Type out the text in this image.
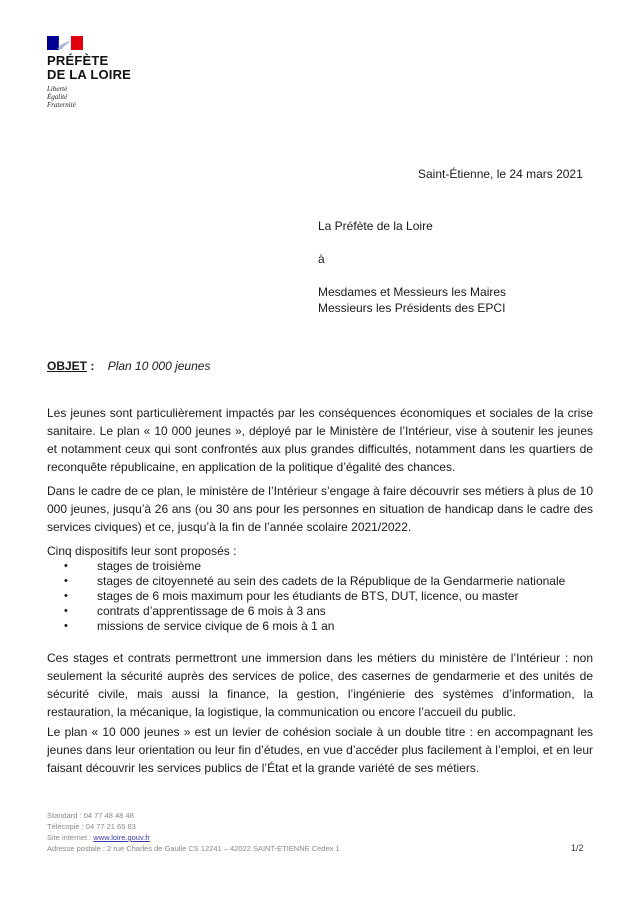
PRÉFÈTE
DE LA LOIRE
Liberté
Égalité
Fraternité
Saint-Étienne, le 24 mars 2021
La Préfète de la Loire
à
Mesdames et Messieurs les Maires
Messieurs les Présidents des EPCI
OBJET : Plan 10 000 jeunes
Les jeunes sont particulièrement impactés par les conséquences économiques et sociales de la crise sanitaire. Le plan « 10 000 jeunes », déployé par le Ministère de l’Intérieur, vise à soutenir les jeunes et notamment ceux qui sont confrontés aux plus grandes difficultés, notamment dans les quartiers de reconquête républicaine, en application de la politique d’égalité des chances.
Dans le cadre de ce plan, le ministère de l’Intérieur s’engage à faire découvrir ses métiers à plus de 10 000 jeunes, jusqu’à 26 ans (ou 30 ans pour les personnes en situation de handicap dans le cadre des services civiques) et ce, jusqu’à la fin de l’année scolaire 2021/2022.
Cinq dispositifs leur sont proposés :
• stages de troisième
• stages de citoyenneté au sein des cadets de la République de la Gendarmerie nationale
• stages de 6 mois maximum pour les étudiants de BTS, DUT, licence, ou master
• contrats d’apprentissage de 6 mois à 3 ans
• missions de service civique de 6 mois à 1 an
Ces stages et contrats permettront une immersion dans les métiers du ministère de l’Intérieur : non seulement la sécurité auprès des services de police, des casernes de gendarmerie et des unités de sécurité civile, mais aussi la finance, la gestion, l’ingénierie des systèmes d’information, la restauration, la mécanique, la logistique, la communication ou encore l’accueil du public.
Le plan « 10 000 jeunes » est un levier de cohésion sociale à un double titre : en accompagnant les jeunes dans leur orientation ou leur fin d’études, en vue d’accéder plus facilement à l’emploi, et en leur faisant découvrir les services publics de l’État et la grande variété de ses métiers.
Standard : 04 77 48 48 48
Télécopie : 04 77 21 65 83
Site internet : www.loire.gouv.fr
Adresse postale : 2 rue Charles de Gaulle CS 12241 – 42022 SAINT-ETIENNE Cedex 1	1/2
